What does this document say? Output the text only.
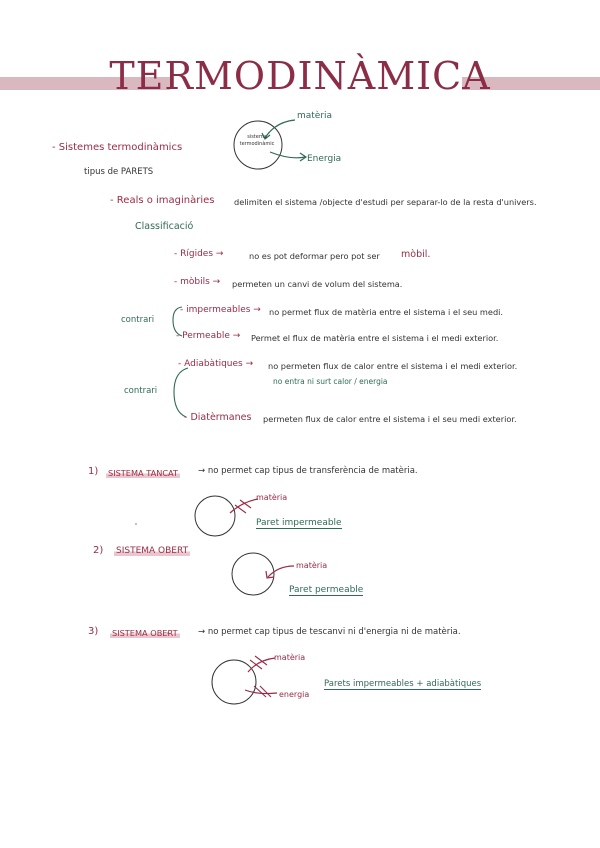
TERMODINÀMICA
- Sistemes termodinàmics
tipus de PARETS
sistema termodinàmic
matèria
Energia
- Reals o imaginàries delimiten el sistema /objecte d'estudi per separar-lo de la resta d'univers.
Classificació
- Rígides →	no es pot deformar pero pot ser mòbil.
- mòbils → permeten un canvi de volum del sistema.
contrari
- impermeables → no permet flux de matèria entre el sistema i el seu medi.
- Permeable → Permet el flux de matèria entre el sistema i el medi exterior.
- Adiabàtiques → no permeten flux de calor entre el sistema i el medi exterior.
no entra ni surt calor / energia
contrari
- Diatèrmanes permeten flux de calor entre el sistema i el seu medi exterior.
1) SISTEMA TANCAT → no permet cap tipus de transferència de matèria.
matèria
Paret impermeable
2) SISTEMA OBERT
matèria
Paret permeable
3) SISTEMA OBERT → no permet cap tipus de tescanvi ni d'energia ni de matèria.
matèria
energia
Parets impermeables + adiabàtiques
